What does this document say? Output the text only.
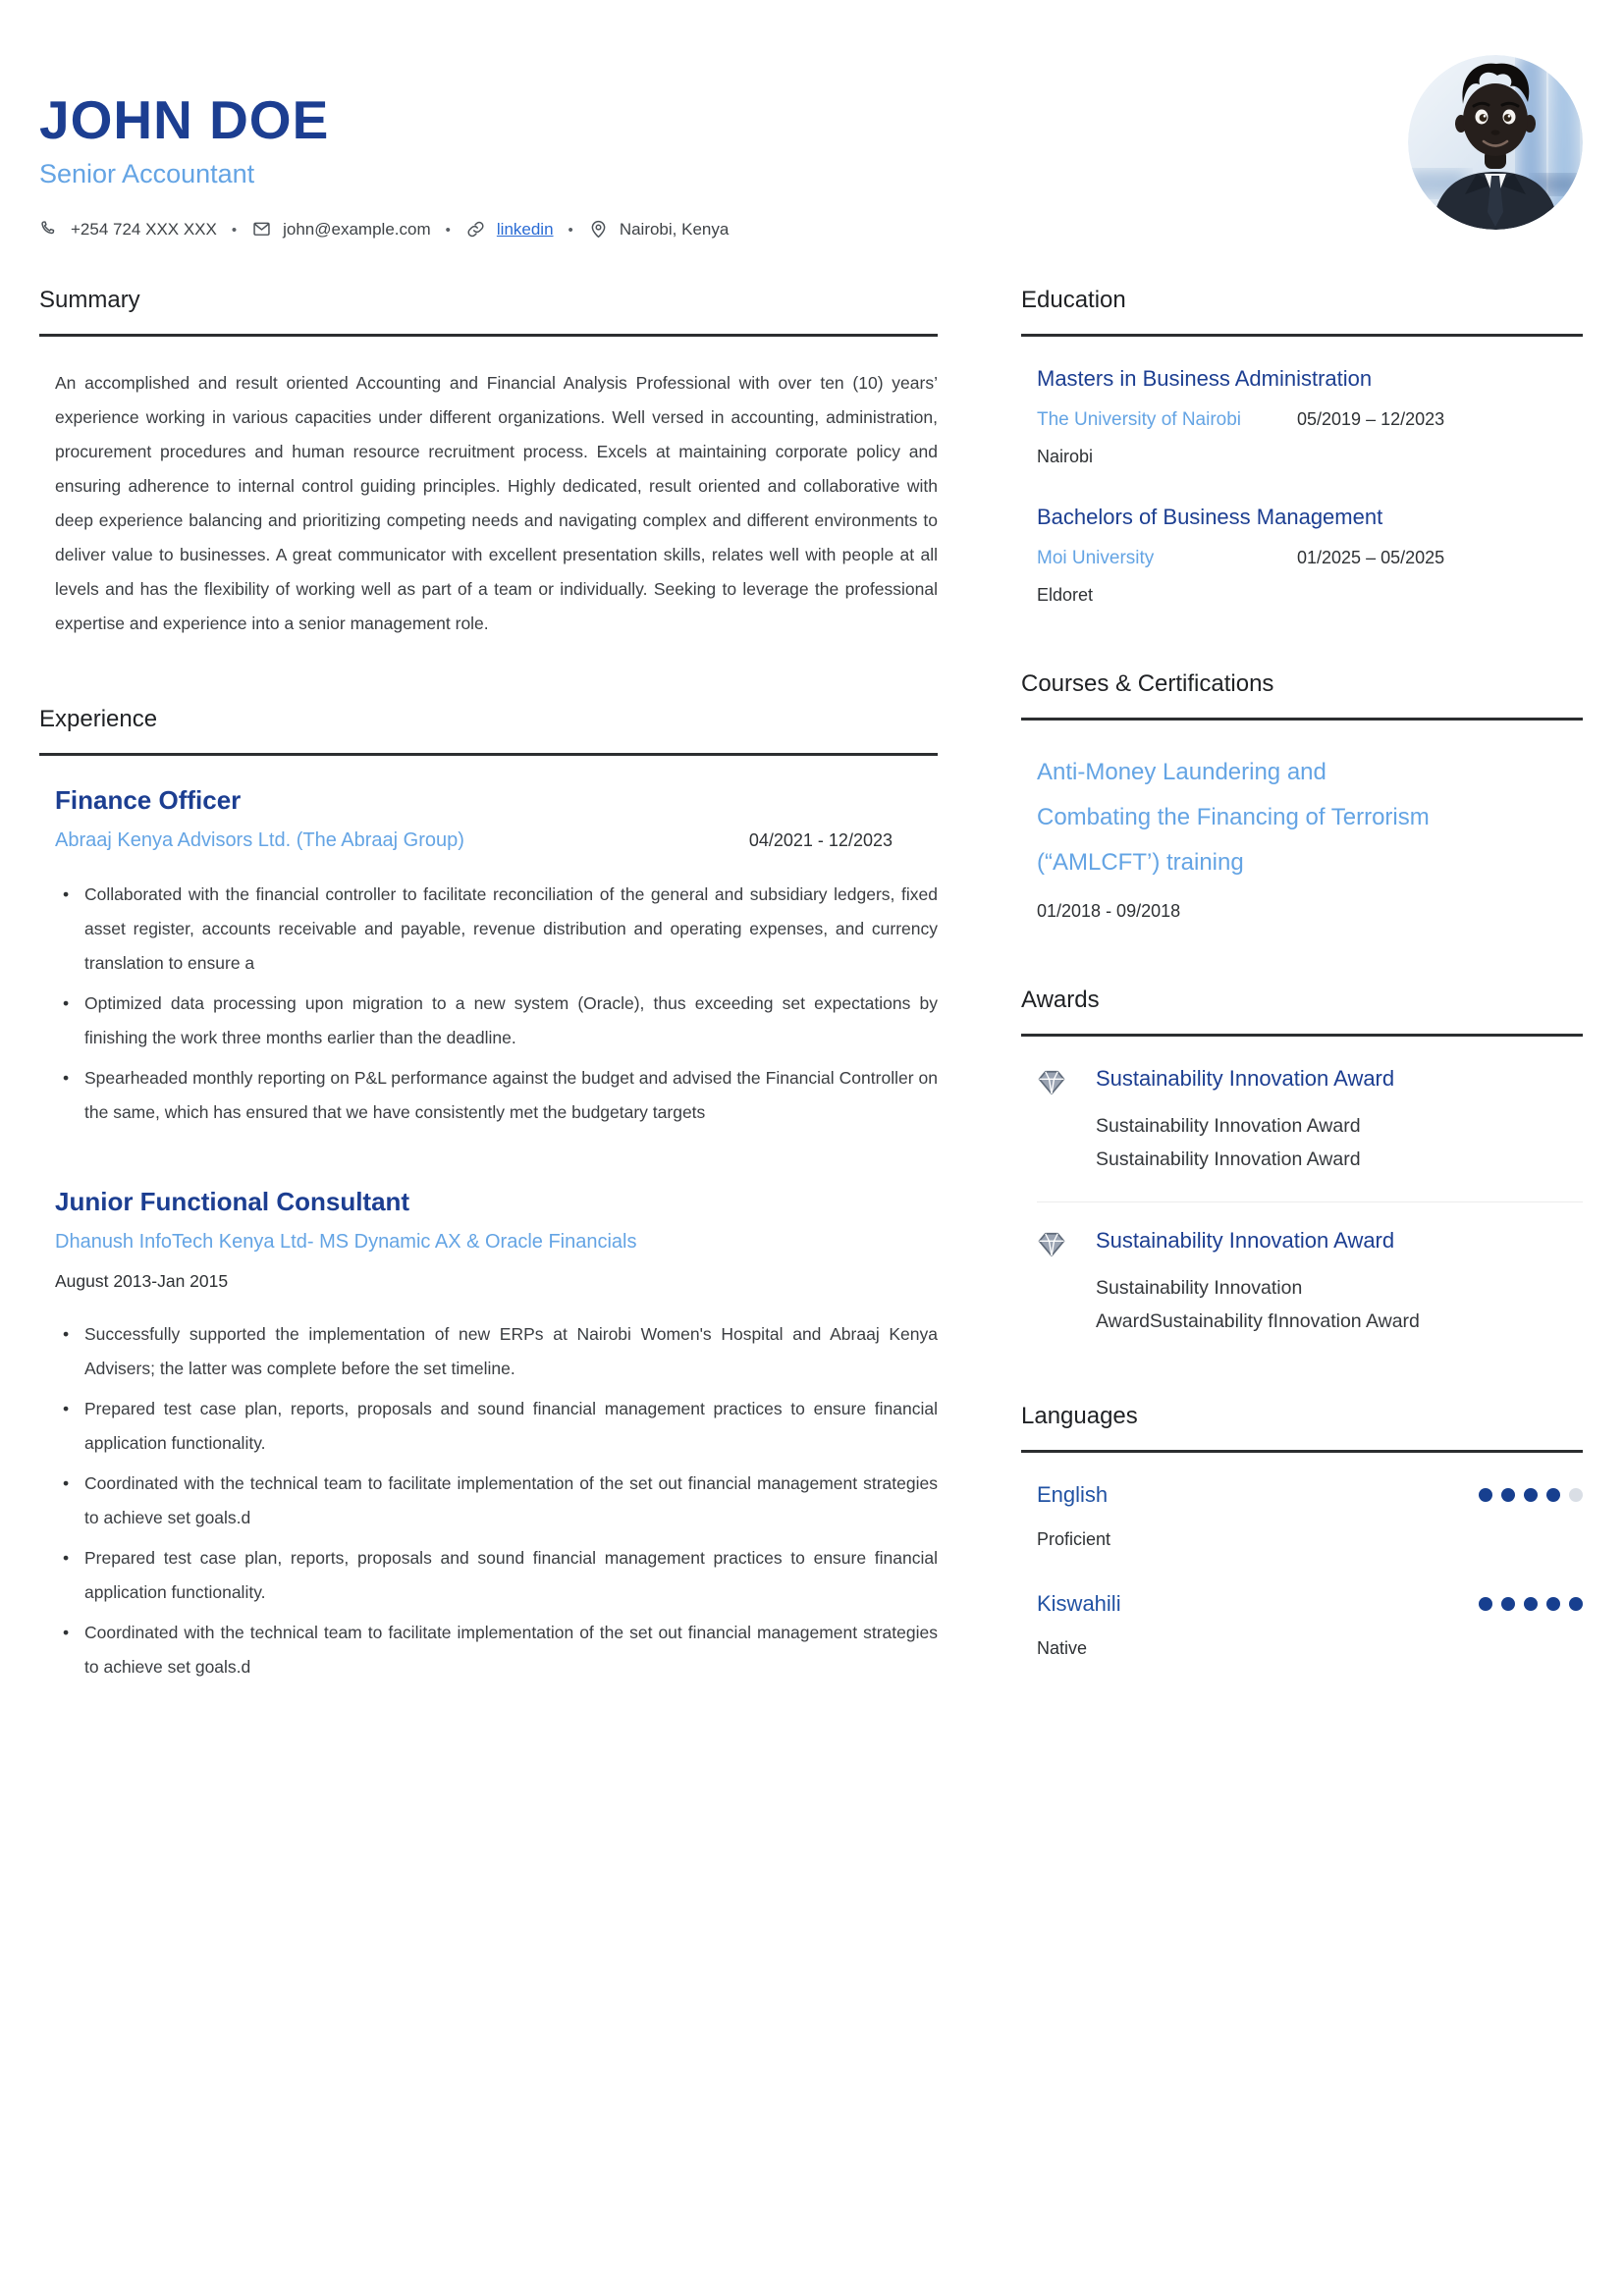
JOHN DOE
Senior Accountant
+254 724 XXX XXX •	john@example.com •	linkedin •	Nairobi, Kenya
Summary

An accomplished and result oriented Accounting and Financial Analysis Professional with over ten (10) years’ experience working in various capacities under different organizations. Well versed in accounting, administration, procurement procedures and human resource recruitment process. Excels at maintaining corporate policy and ensuring adherence to internal control guiding principles. Highly dedicated, result oriented and collaborative with deep experience balancing and prioritizing competing needs and navigating complex and different environments to deliver value to businesses. A great communicator with excellent presentation skills, relates well with people at all levels and has the flexibility of working well as part of a team or individually. Seeking to leverage the professional expertise and experience into a senior management role.

Experience
Finance Officer
Abraaj Kenya Advisors Ltd. (The Abraaj Group)	04/2021 - 12/2023
• Collaborated with the financial controller to facilitate reconciliation of the general and subsidiary ledgers, fixed asset register, accounts receivable and payable, revenue distribution and operating expenses, and currency translation to ensure a
• Optimized data processing upon migration to a new system (Oracle), thus exceeding set expectations by finishing the work three months earlier than the deadline.
• Spearheaded monthly reporting on P&L performance against the budget and advised the Financial Controller on the same, which has ensured that we have consistently met the budgetary targets
Junior Functional Consultant
Dhanush InfoTech Kenya Ltd- MS Dynamic AX & Oracle Financials
August 2013-Jan 2015
• Successfully supported the implementation of new ERPs at Nairobi Women's Hospital and Abraaj Kenya Advisers; the latter was complete before the set timeline.
• Prepared test case plan, reports, proposals and sound financial management practices to ensure financial application functionality.
• Coordinated with the technical team to facilitate implementation of the set out financial management strategies to achieve set goals.d
• Prepared test case plan, reports, proposals and sound financial management practices to ensure financial application functionality.
• Coordinated with the technical team to facilitate implementation of the set out financial management strategies to achieve set goals.d
Education
Masters in Business Administration
The University of Nairobi	05/2019 – 12/2023
Nairobi
Bachelors of Business Management
Moi University	01/2025 – 05/2025
Eldoret
Courses & Certifications
Anti-Money Laundering and Combating the Financing of Terrorism (“AMLCFT’) training
01/2018 - 09/2018
Awards
Sustainability Innovation Award
Sustainability Innovation Award Sustainability Innovation Award
Sustainability Innovation Award
Sustainability Innovation AwardSustainability fInnovation Award
Languages
English
Proficient
Kiswahili
Native
